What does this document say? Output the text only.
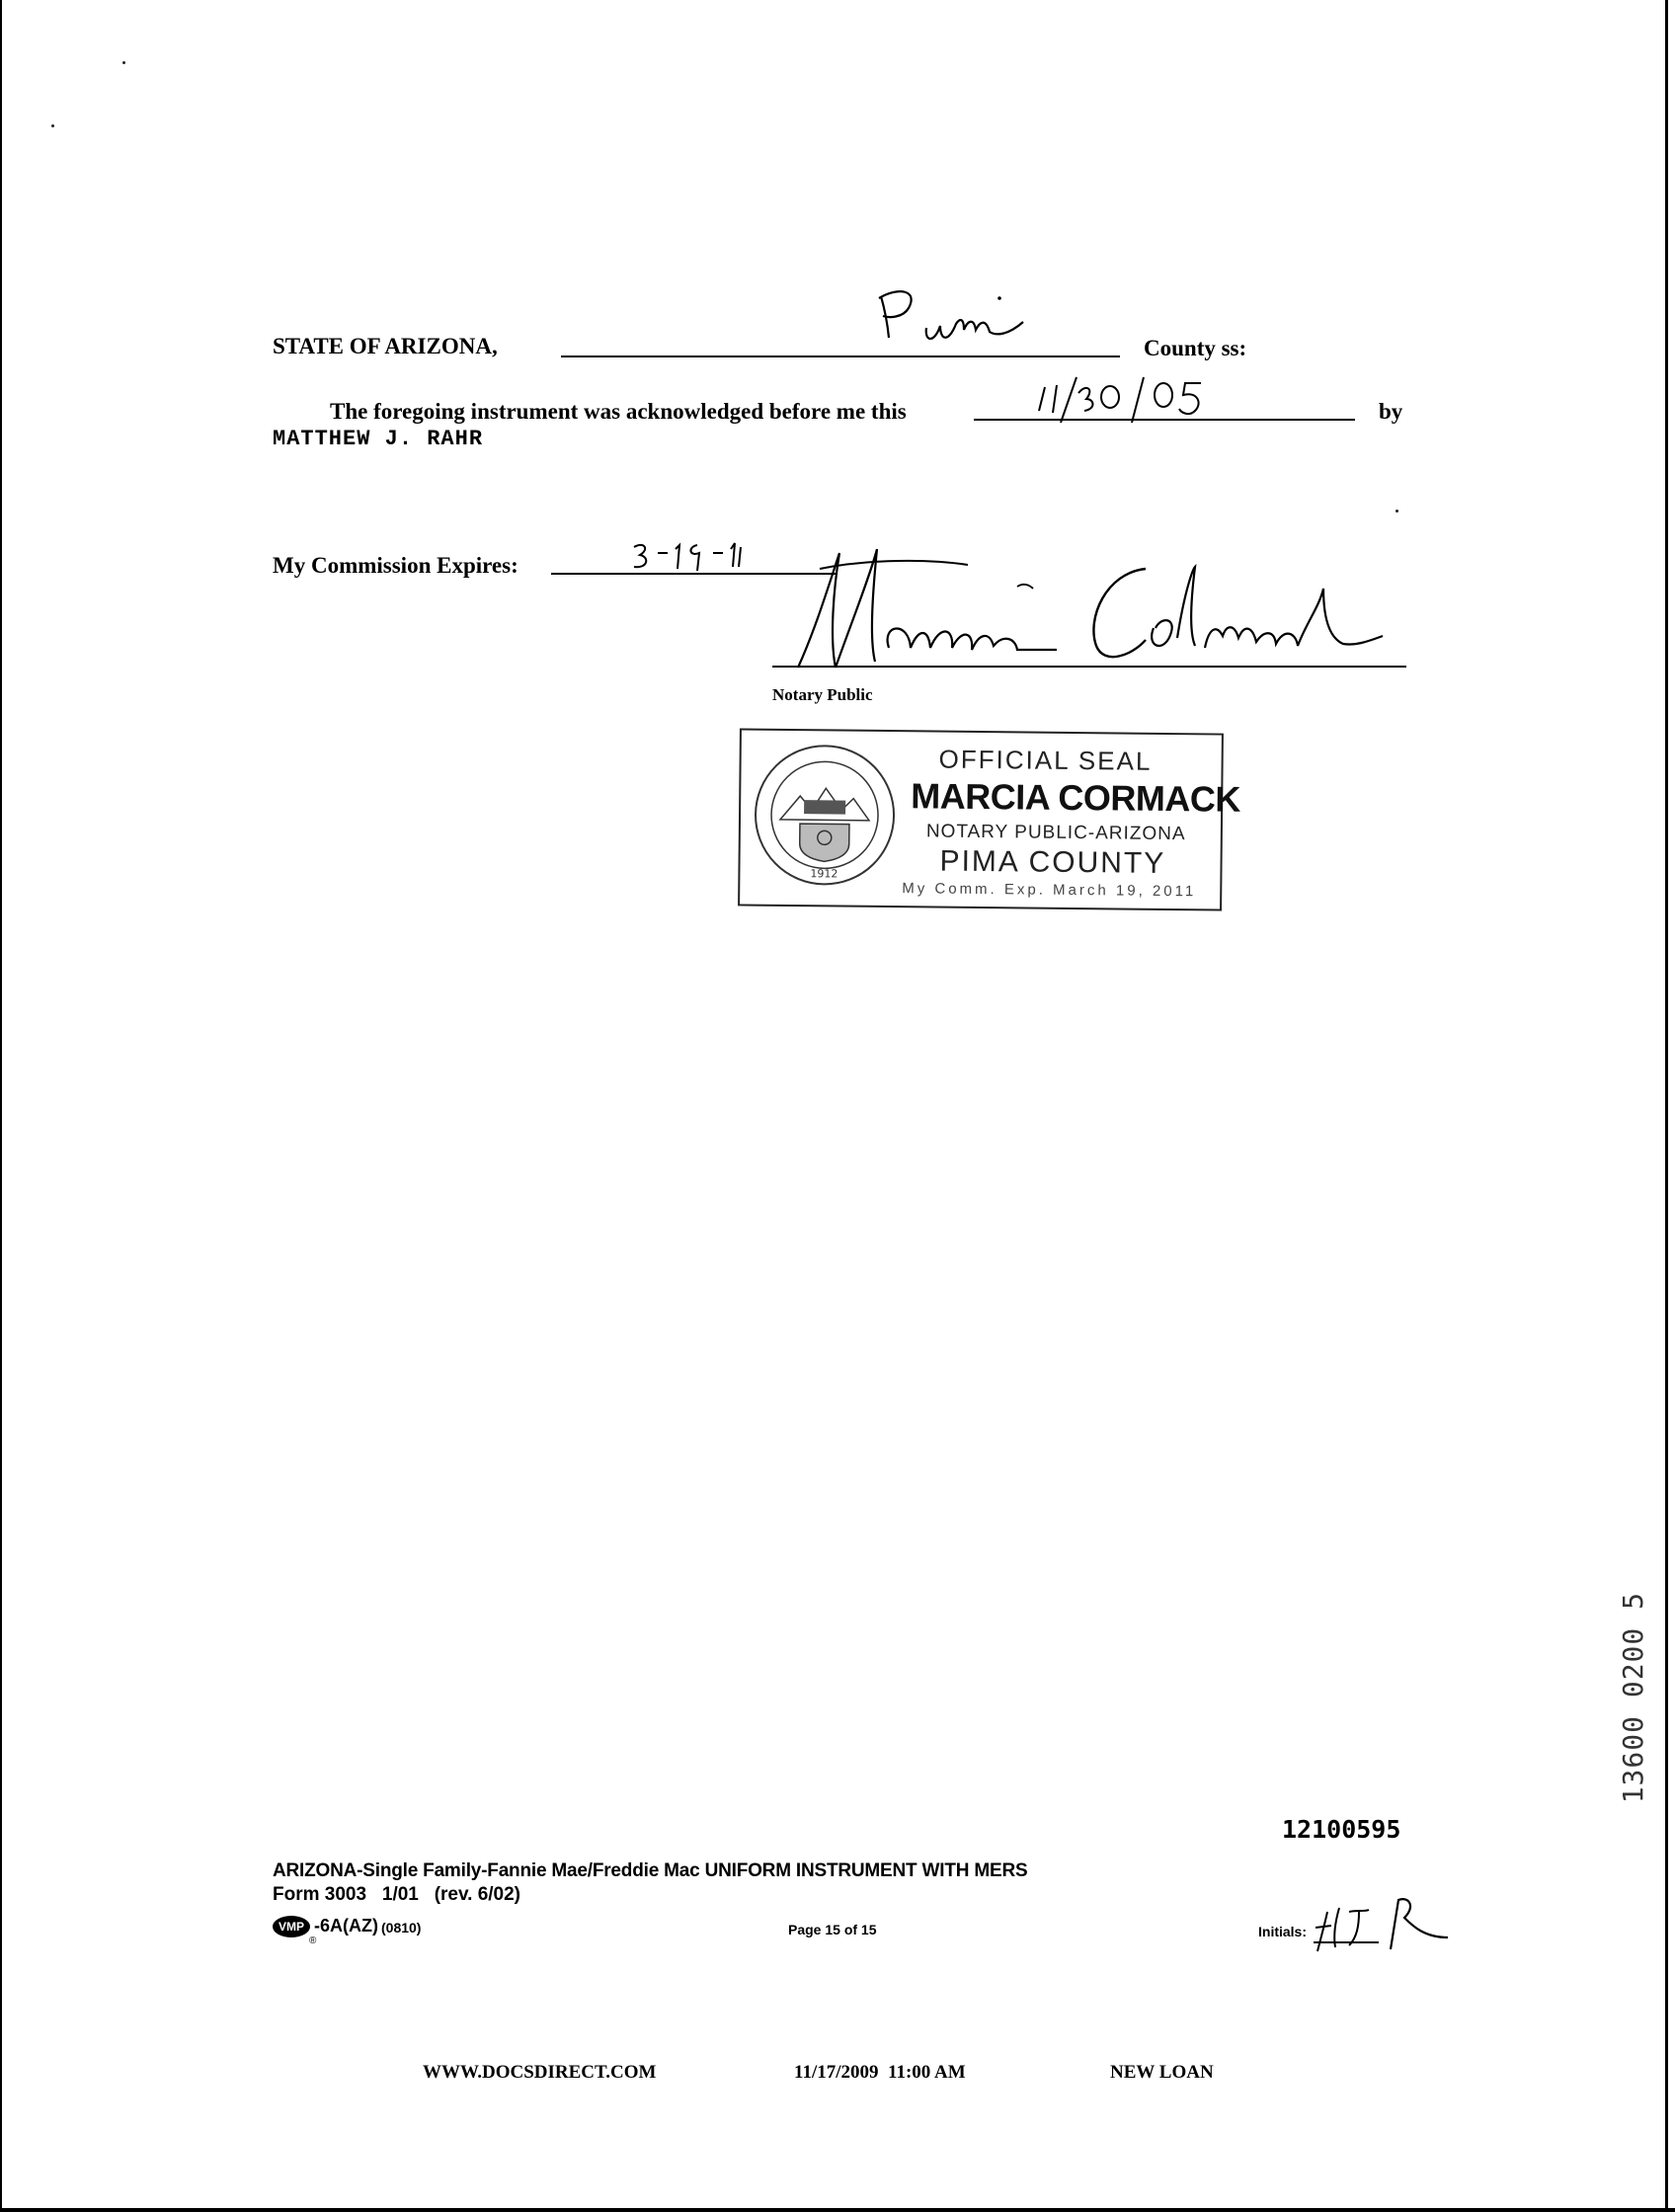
STATE OF ARIZONA,	County ss:
The foregoing instrument was acknowledged before me this	by
MATTHEW J. RAHR
My Commission Expires:
Notary Public
1912
OFFICIAL SEAL
MARCIA CORMACK
NOTARY PUBLIC-ARIZONA
PIMA COUNTY
My Comm. Exp. March 19, 2011
12100595
ARIZONA-Single Family-Fannie Mae/Freddie Mac UNIFORM INSTRUMENT WITH MERS
Form 3003   1/01   (rev. 6/02)
VMP
®
-6A(AZ) (0810)	Page 15 of 15	Initials:
WWW.DOCSDIRECT.COM	11/17/2009  11:00 AM	NEW LOAN
13600 0200 5
